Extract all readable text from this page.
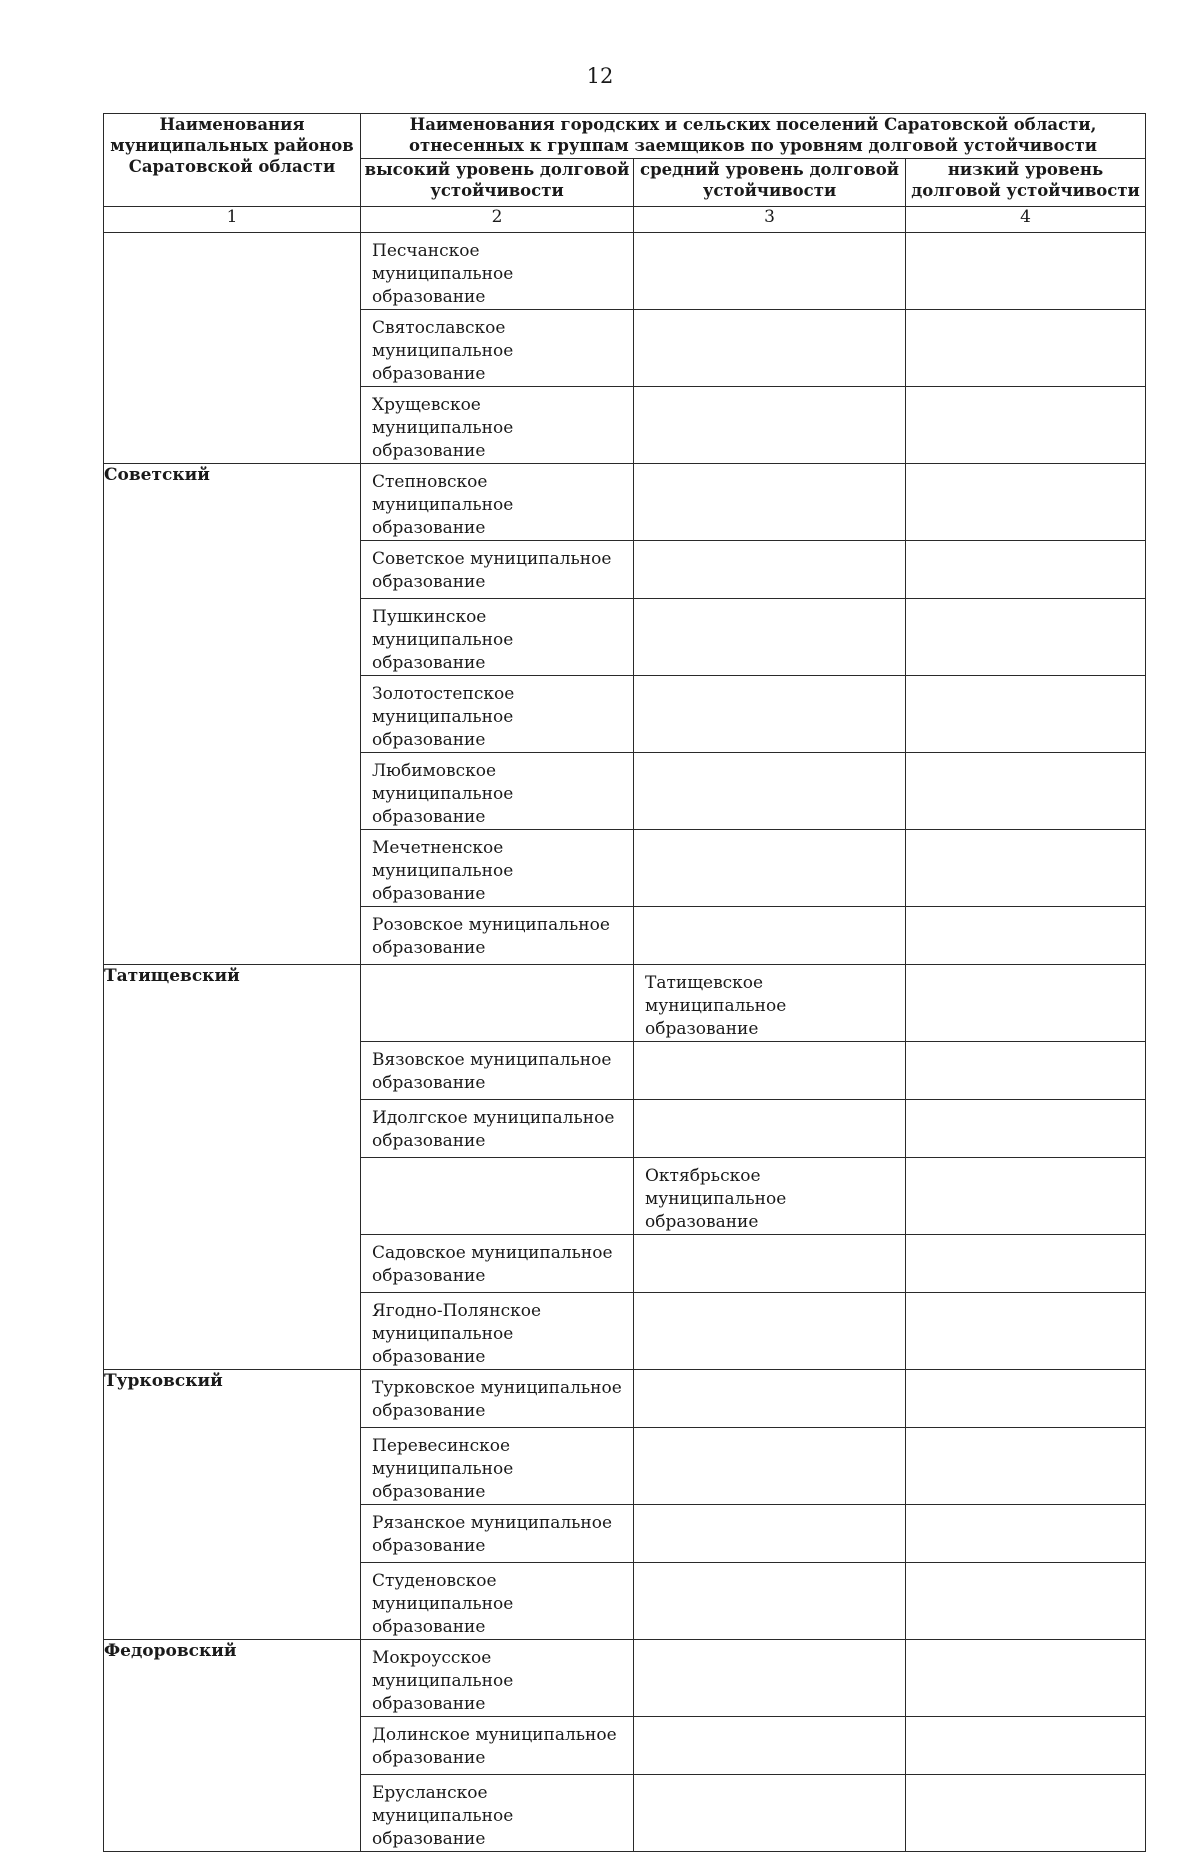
12
Наименования муниципальных районов Саратовской области	Наименования городских и сельских поселений Саратовской области, отнесенных к группам заемщиков по уровням долговой устойчивости		
	высокий уровень долговой устойчивости	средний уровень долговой устойчивости	низкий уровень долговой устойчивости
1	2	3	4

	Песчанское муниципальное образование		

	Святославское муниципальное образование		

	Хрущевское муниципальное образование		

Советский	Степновское муниципальное образование		

	Советское муниципальное образование		

	Пушкинское муниципальное образование		

	Золотостепское муниципальное образование		

	Любимовское муниципальное образование		

	Мечетненское муниципальное образование		

	Розовское муниципальное образование		

Татищевский		Татищевское муниципальное образование	

	Вязовское муниципальное образование		

	Идолгское муниципальное образование		

		Октябрьское муниципальное образование	

	Садовское муниципальное образование		

	Ягодно-Полянское муниципальное образование		

Турковский	Турковское муниципальное образование		

	Перевесинское муниципальное образование		

	Рязанское муниципальное образование		

	Студеновское муниципальное образование		

Федоровский	Мокроусское муниципальное образование		

	Долинское муниципальное образование		

	Ерусланское муниципальное образование		
